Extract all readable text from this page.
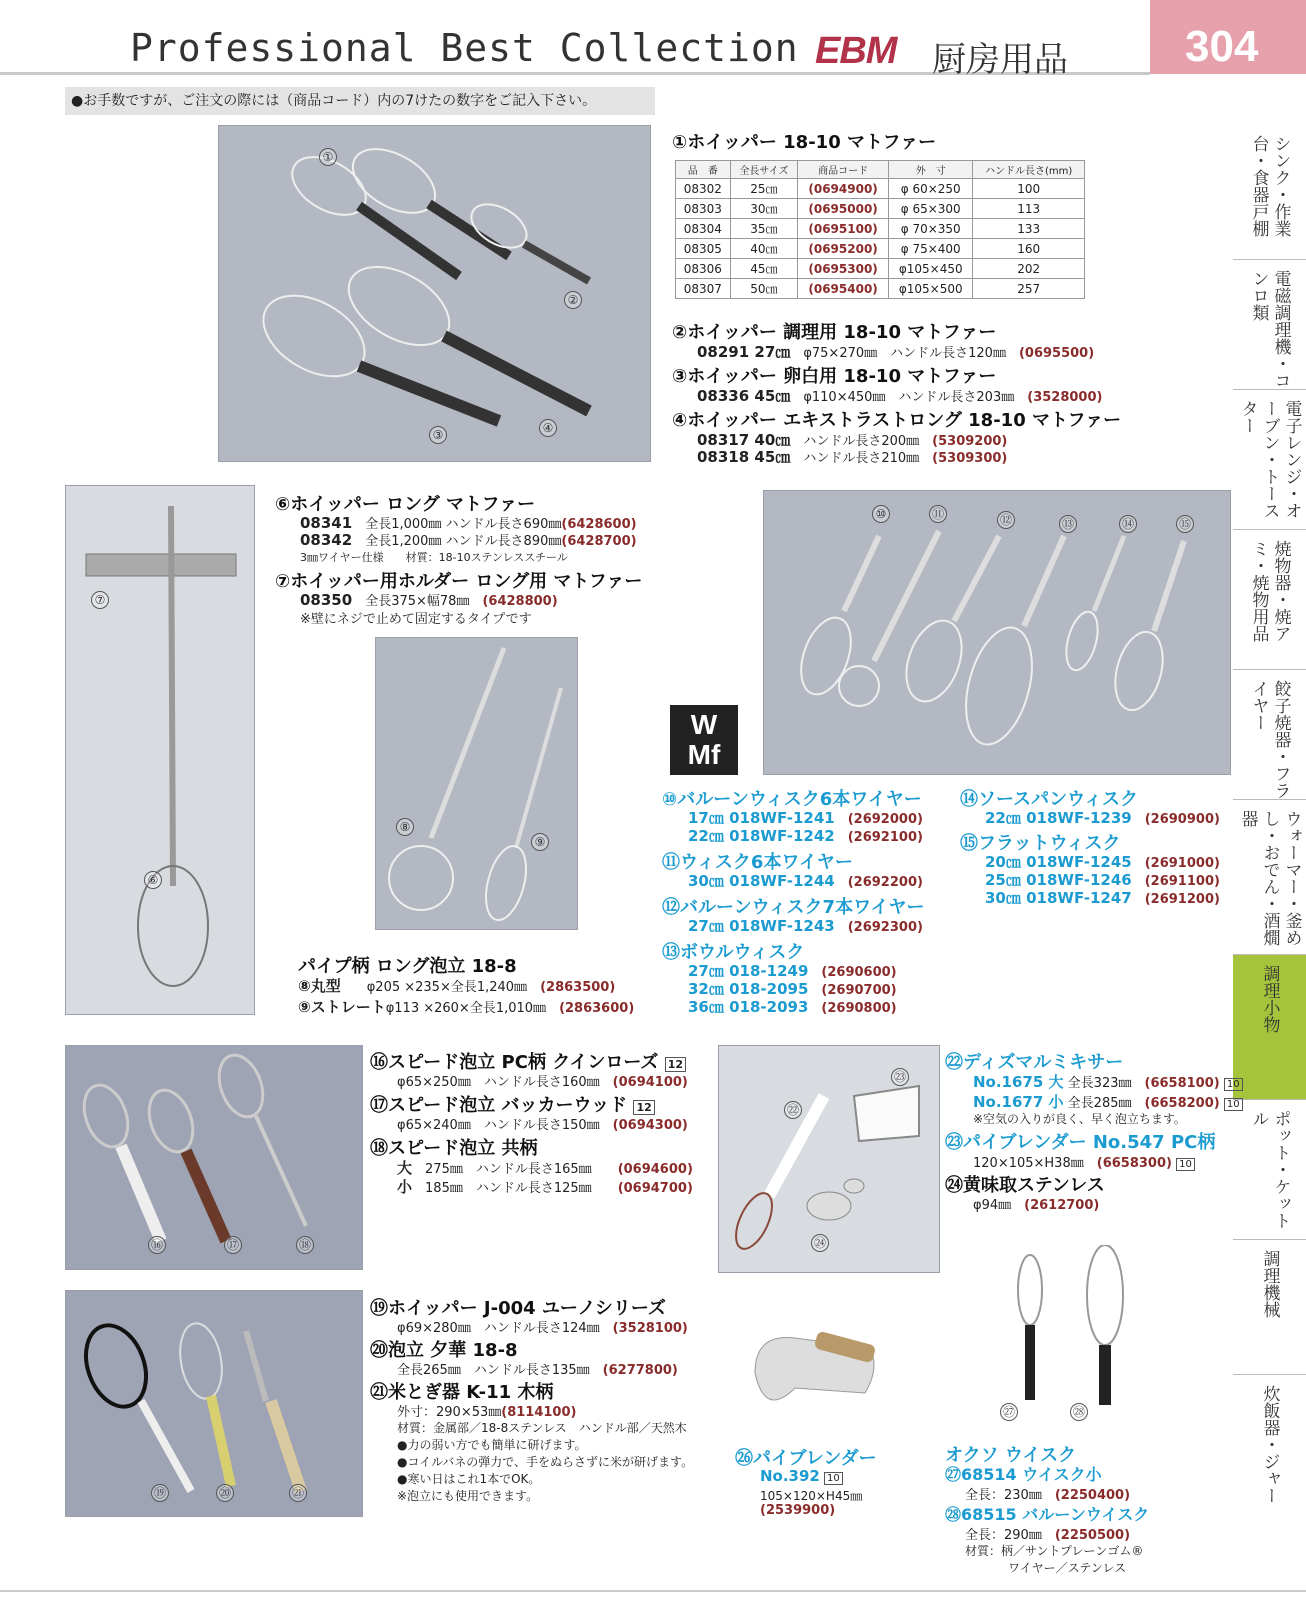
Professional Best Collection EBM 厨房用品	304
●お手数ですが、ご注文の際には（商品コード）内の7けたの数字をご記入下さい。
シンク・作業台・食器戸棚
電磁調理機・コンロ類
電子レンジ・オーブン・トースター
焼物器・焼アミ・焼物用品
餃子焼器・フライヤー
ウォーマー・釜めし・おでん・酒燗器
調理小物
ポット・ケットル
調理機械
炊飯器・ジャー
①
②
③	④
①ホイッパー 18-10 マトファー
品　番	全長サイズ	商品コード	外　寸	ハンドル長さ(mm)
08302	25㎝	(0694900)	φ 60×250	100
08303	30㎝	(0695000)	φ 65×300	113
08304	35㎝	(0695100)	φ 70×350	133
08305	40㎝	(0695200)	φ 75×400	160
08306	45㎝	(0695300)	φ105×450	202
08307	50㎝	(0695400)	φ105×500	257
②ホイッパー 調理用 18-10 マトファー
08291 27㎝　 φ75×270㎜　ハンドル長さ120㎜　 (0695500)
③ホイッパー 卵白用 18-10 マトファー
08336 45㎝　 φ110×450㎜　ハンドル長さ203㎜　 (3528000)
④ホイッパー エキストラストロング 18-10 マトファー
08317 40㎝　 ハンドル長さ200㎜　 (5309200)
08318 45㎝　 ハンドル長さ210㎜　 (5309300)
⑦
⑥
⑥ホイッパー ロング マトファー
08341　 全長1,000㎜ ハンドル長さ690㎜(6428600)
08342　 全長1,200㎜ ハンドル長さ890㎜(6428700)
3㎜ワイヤー仕様　　材質：18-10ステンレススチール
⑦ホイッパー用ホルダー ロング用 マトファー
08350　 全長375×幅78㎜　 (6428800)
※壁にネジで止めて固定するタイプです
⑧
⑨
パイプ柄 ロング泡立 18-8
⑧丸型　　 φ205 ×235×全長1,240㎜　 (2863500)
⑨ストレートφ113 ×260×全長1,010㎜　 (2863600)
⑩	⑪	⑫	⑬	⑭	⑮
W
Mf
⑩バルーンウィスク6本ワイヤー
17㎝ 018WF-1241　 (2692000)
22㎝ 018WF-1242　 (2692100)
⑪ウィスク6本ワイヤー
30㎝ 018WF-1244　 (2692200)
⑫バルーンウィスク7本ワイヤー
27㎝ 018WF-1243　 (2692300)
⑬ボウルウィスク
27㎝ 018-1249　 (2690600)
32㎝ 018-2095　 (2690700)
36㎝ 018-2093　 (2690800)
⑭ソースパンウィスク
22㎝ 018WF-1239　 (2690900)
⑮フラットウィスク
20㎝ 018WF-1245　 (2691000)
25㎝ 018WF-1246　 (2691100)
30㎝ 018WF-1247　 (2691200)
⑯	⑰	⑱
⑯スピード泡立 PC柄 クインローズ 12
φ65×250㎜　ハンドル長さ160㎜　 (0694100)
⑰スピード泡立 バッカーウッド 12
φ65×240㎜　ハンドル長さ150㎜　 (0694300)
⑱スピード泡立 共柄
大　 275㎜　ハンドル長さ165㎜　　 (0694600)
小　 185㎜　ハンドル長さ125㎜　　 (0694700)
㉒
㉓
㉔
㉒ディズマルミキサー
No.1675 大 全長323㎜　 (6658100) 10
No.1677 小 全長285㎜　 (6658200) 10
※空気の入りが良く、早く泡立ちます。
㉓パイブレンダー No.547 PC柄
120×105×H38㎜　 (6658300) 10
㉔黄味取ステンレス
φ94㎜　 (2612700)
⑲	⑳	㉑
⑲ホイッパー J-004 ユーノシリーズ
φ69×280㎜　ハンドル長さ124㎜　 (3528100)
⑳泡立 夕華 18-8
全長265㎜　ハンドル長さ135㎜　 (6277800)
㉑米とぎ器 K-11 木柄
外寸：290×53㎜(8114100)
材質：金属部／18-8ステンレス　ハンドル部／天然木
●力の弱い方でも簡単に研げます。
●コイルバネの弾力で、手をぬらさずに米が研げます。
●寒い日はこれ1本でOK。
※泡立にも使用できます。
㉖パイブレンダー
No.392 10
105×120×H45㎜
(2539900)
㉗	㉘
オクソ ウイスク
㉗68514 ウイスク小
全長：230㎜　 (2250400)
㉘68515 バルーンウイスク
全長：290㎜　 (2250500)
材質：柄／サントプレーンゴム®
ワイヤー／ステンレス
